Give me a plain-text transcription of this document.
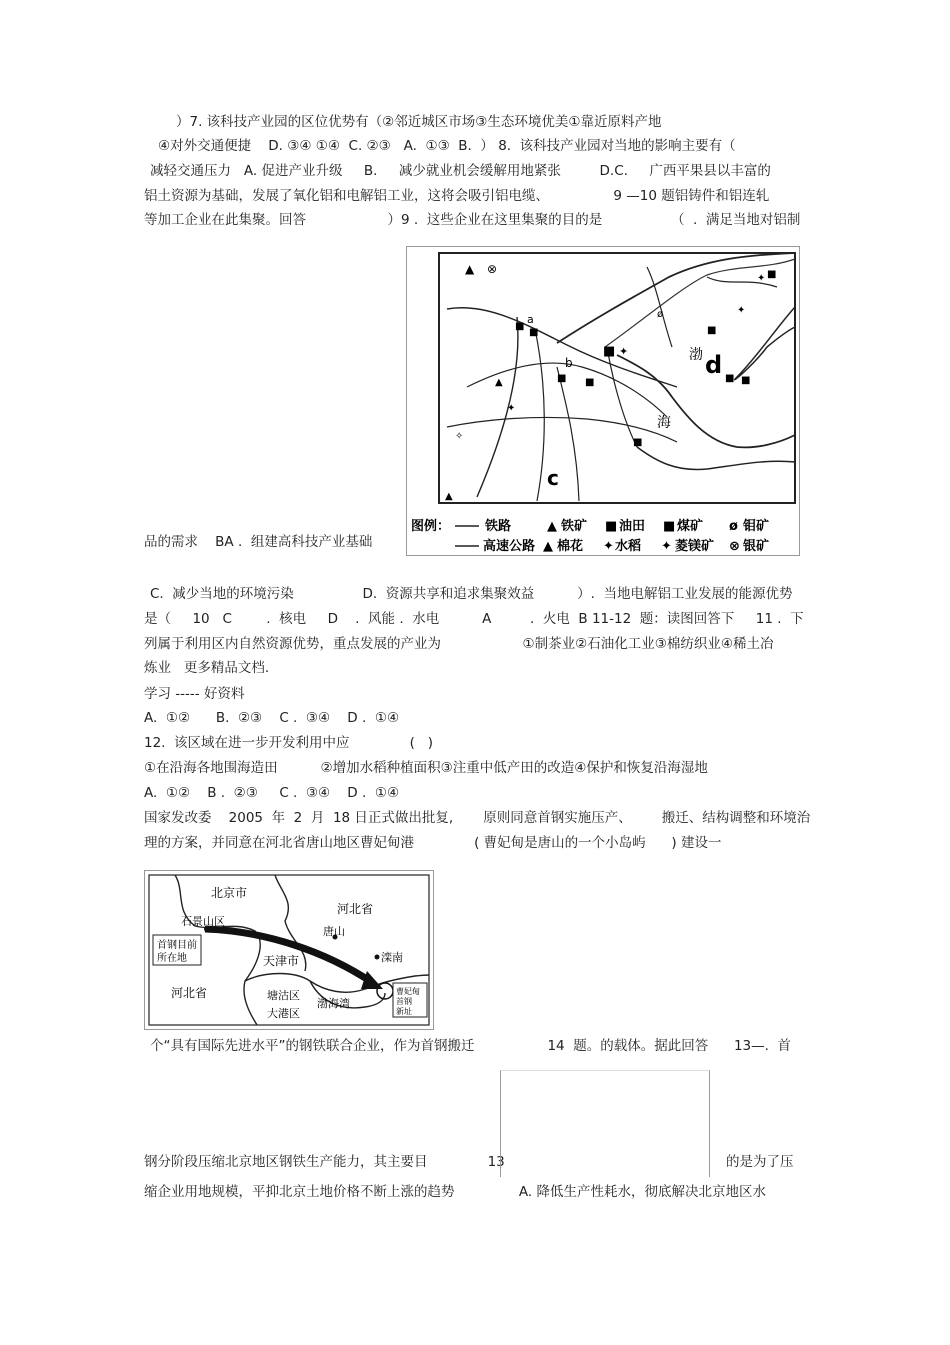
）7. 该科技产业园的区位优势有（②邻近城区市场③生态环境优美①靠近原料产地
④对外交通便捷    D. ③④ ①④  C. ②③   A.  ①③  B.  ） 8.  该科技产业园对当地的影响主要有（
减轻交通压力   A. 促进产业升级     B.     减少就业机会缓解用地紧张         D.C.     广西平果县以丰富的
铝土资源为基础，发展了氧化铝和电解铝工业，这将会吸引铝电缆、               9 —10 题铝铸件和铝连轧
等加工企业在此集聚。回答                   ）9 .  这些企业在这里集聚的目的是                （  .  满足当地对铝制
品的需求    BA .  组建高科技产业基础
C.  减少当地的环境污染                D.  资源共享和追求集聚效益          ）.  当地电解铝工业发展的能源优势
是（     10   C        .  核电     D    .  风能 .  水电          A         .  火电  B 11-12  题：读图回答下     11 .  下
列属于利用区内自然资源优势，重点发展的产业为                   ①制茶业②石油化工业③棉纺织业④稀土冶
炼业   更多精品文档.
学习 ----- 好资料
A.  ①②      B.  ②③    C .  ③④    D .  ①④
12.  该区域在进一步开发利用中应              (   )
①在沿海各地围海造田          ②增加水稻种植面积③注重中低产田的改造④保护和恢复沿海湿地
A.  ①②    B .  ②③     C .  ③④    D .  ①④
国家发改委    2005  年  2  月  18 日正式做出批复,       原则同意首钢实施压产、       搬迁、结构调整和环境治
理的方案，并同意在河北省唐山地区曹妃甸港              ( 曹妃甸是唐山的一个小岛屿      ) 建设一
个“具有国际先进水平”的钢铁联合企业，作为首钢搬迁                 14  题。的载体。据此回答      13—.  首
钢分阶段压缩北京地区钢铁生产能力，其主要目              13	的是为了压
缩企业用地规模，平抑北京土地价格不断上涨的趋势               A. 降低生产性耗水，彻底解决北京地区水
▲ ⊗
■
■
■ ✦
■ ■
▲
✧
▲
■
■
✦
✦ ■
■ ■
ø
✦
渤
海
a
b
c
d
图例：	铁路	▲ 铁矿 ■ 油田 ■ 煤矿 ø 钼矿
高速公路 ▲ 棉花 ✦ 水稻 ✦ 菱镁矿 ⊗ 银矿
北京市
石景山区
首钢目前
所在地
河北省
唐山
滦南
天津市
河北省	塘沽区
大港区
渤海湾
曹妃甸
首钢
新址
